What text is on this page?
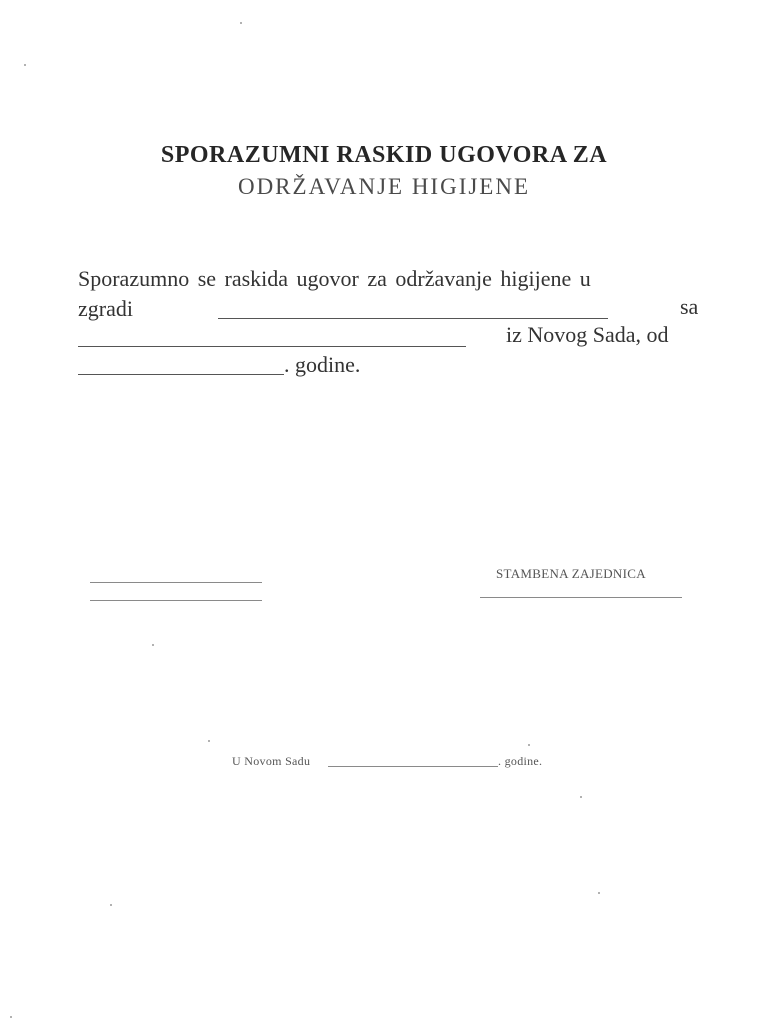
SPORAZUMNI RASKID UGOVORA ZA
ODRŽAVANJE HIGIJENE
Sporazumno se raskida ugovor za održavanje higijene u
zgradi	sa
iz Novog Sada, od
. godine.
STAMBENA ZAJEDNICA
U Novom Sadu	. godine.
